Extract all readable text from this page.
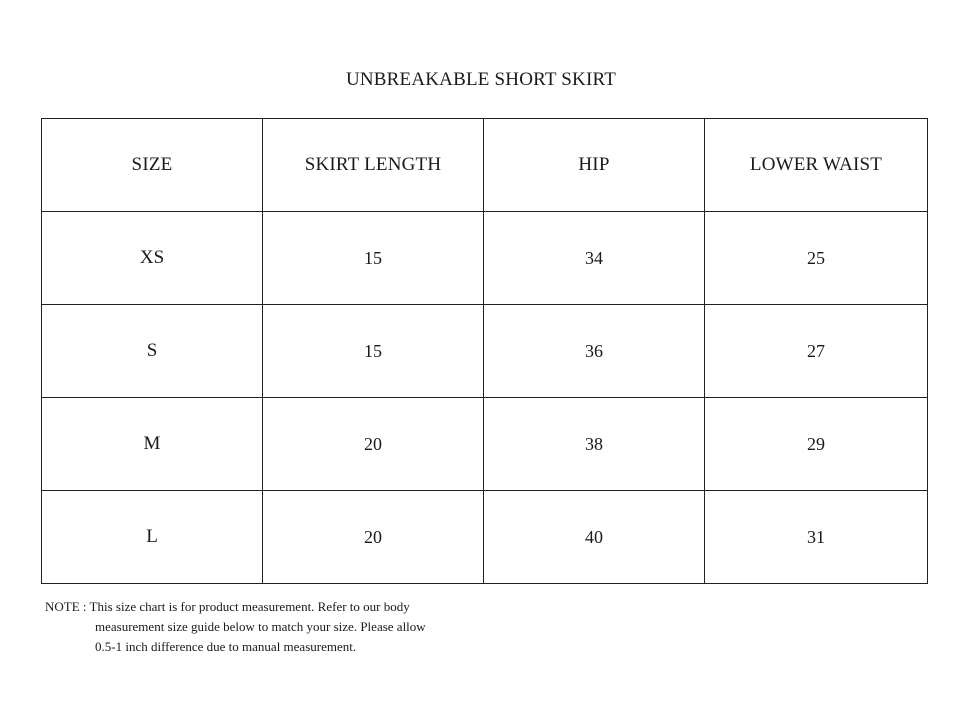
UNBREAKABLE SHORT SKIRT
SIZE	SKIRT LENGTH	HIP	LOWER WAIST
XS	15	34	25
S	15	36	27
M	20	38	29
L	20	40	31
NOTE : This size chart is for product measurement. Refer to our body
measurement size guide below to match your size. Please allow
0.5-1 inch difference due to manual measurement.
